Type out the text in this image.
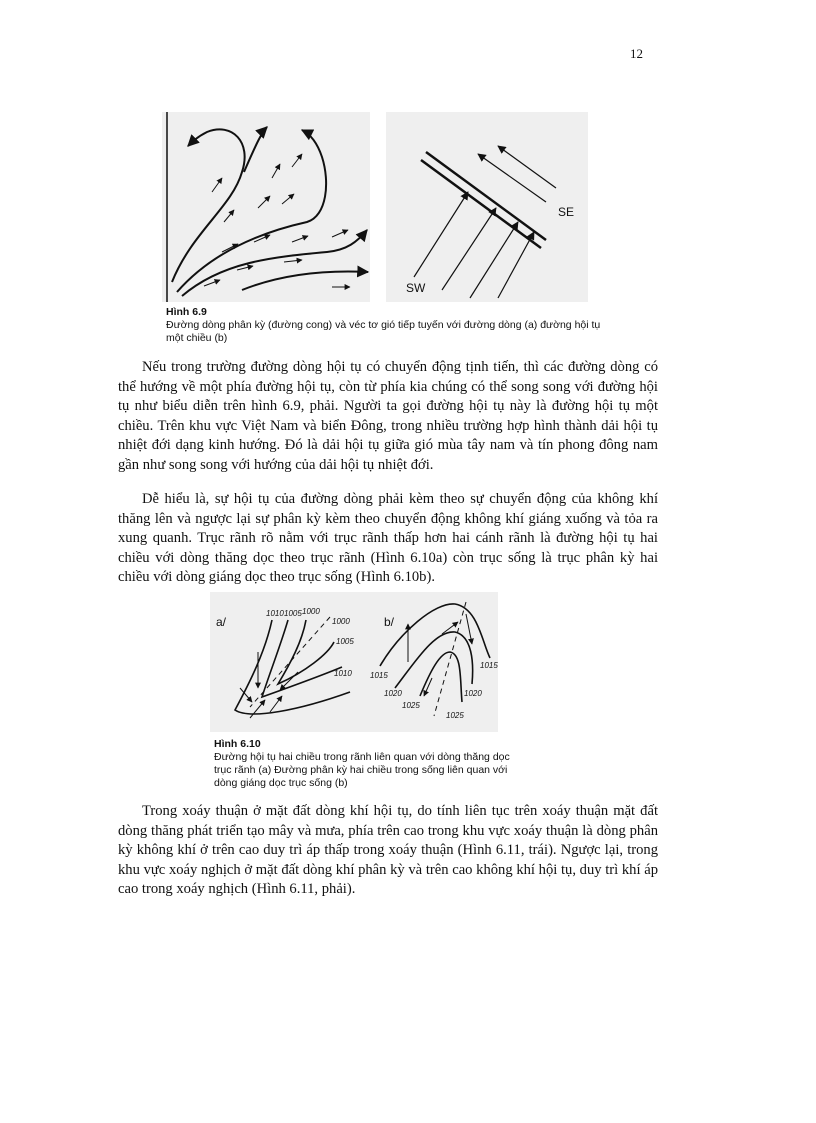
12
SE
SW
Hình 6.9
Đường dòng phân kỳ (đường cong) và véc tơ gió tiếp tuyến với đường dòng (a) đường hội tụ một chiều (b)

Nếu trong trường đường dòng hội tụ có chuyển động tịnh tiến, thì các đường dòng có thể hướng về một phía đường hội tụ, còn từ phía kia chúng có thể song song với đường hội tụ như biểu diễn trên hình 6.9, phải. Người ta gọi đường hội tụ này là đường hội tụ một chiều. Trên khu vực Việt Nam và biển Đông, trong nhiều trường hợp hình thành dải hội tụ nhiệt đới dạng kinh hướng. Đó là dải hội tụ giữa gió mùa tây nam và tín phong đông nam gần như song song với hướng của dải hội tụ nhiệt đới.

Dễ hiểu là, sự hội tụ của đường dòng phải kèm theo sự chuyển động của không khí thăng lên và ngược lại sự phân kỳ kèm theo chuyển động không khí giáng xuống và tỏa ra xung quanh. Trục rãnh rõ nằm với trục rãnh thấp hơn hai cánh rãnh là đường hội tụ hai chiều với dòng thăng dọc theo trục rãnh (Hình 6.10a) còn trục sống là trục phân kỳ hai chiều với dòng giáng dọc theo trục sống (Hình 6.10b).

a/
1010 1005 1000
1000
1005
1010
b/
1015
1015
1020	1020
1025
1025
Hình 6.10
Đường hội tụ hai chiều trong rãnh liên quan với dòng thăng dọc trục rãnh (a) Đường phân kỳ hai chiều trong sống liên quan với dòng giáng dọc trục sống (b)

Trong xoáy thuận ở mặt đất dòng khí hội tụ, do tính liên tục trên xoáy thuận mặt đất dòng thăng phát triển tạo mây và mưa, phía trên cao trong khu vực xoáy thuận là dòng phân kỳ không khí ở trên cao duy trì áp thấp trong xoáy thuận (Hình 6.11, trái). Ngược lại, trong khu vực xoáy nghịch ở mặt đất dòng khí phân kỳ và trên cao không khí hội tụ, duy trì khí áp cao trong xoáy nghịch (Hình 6.11, phải).
